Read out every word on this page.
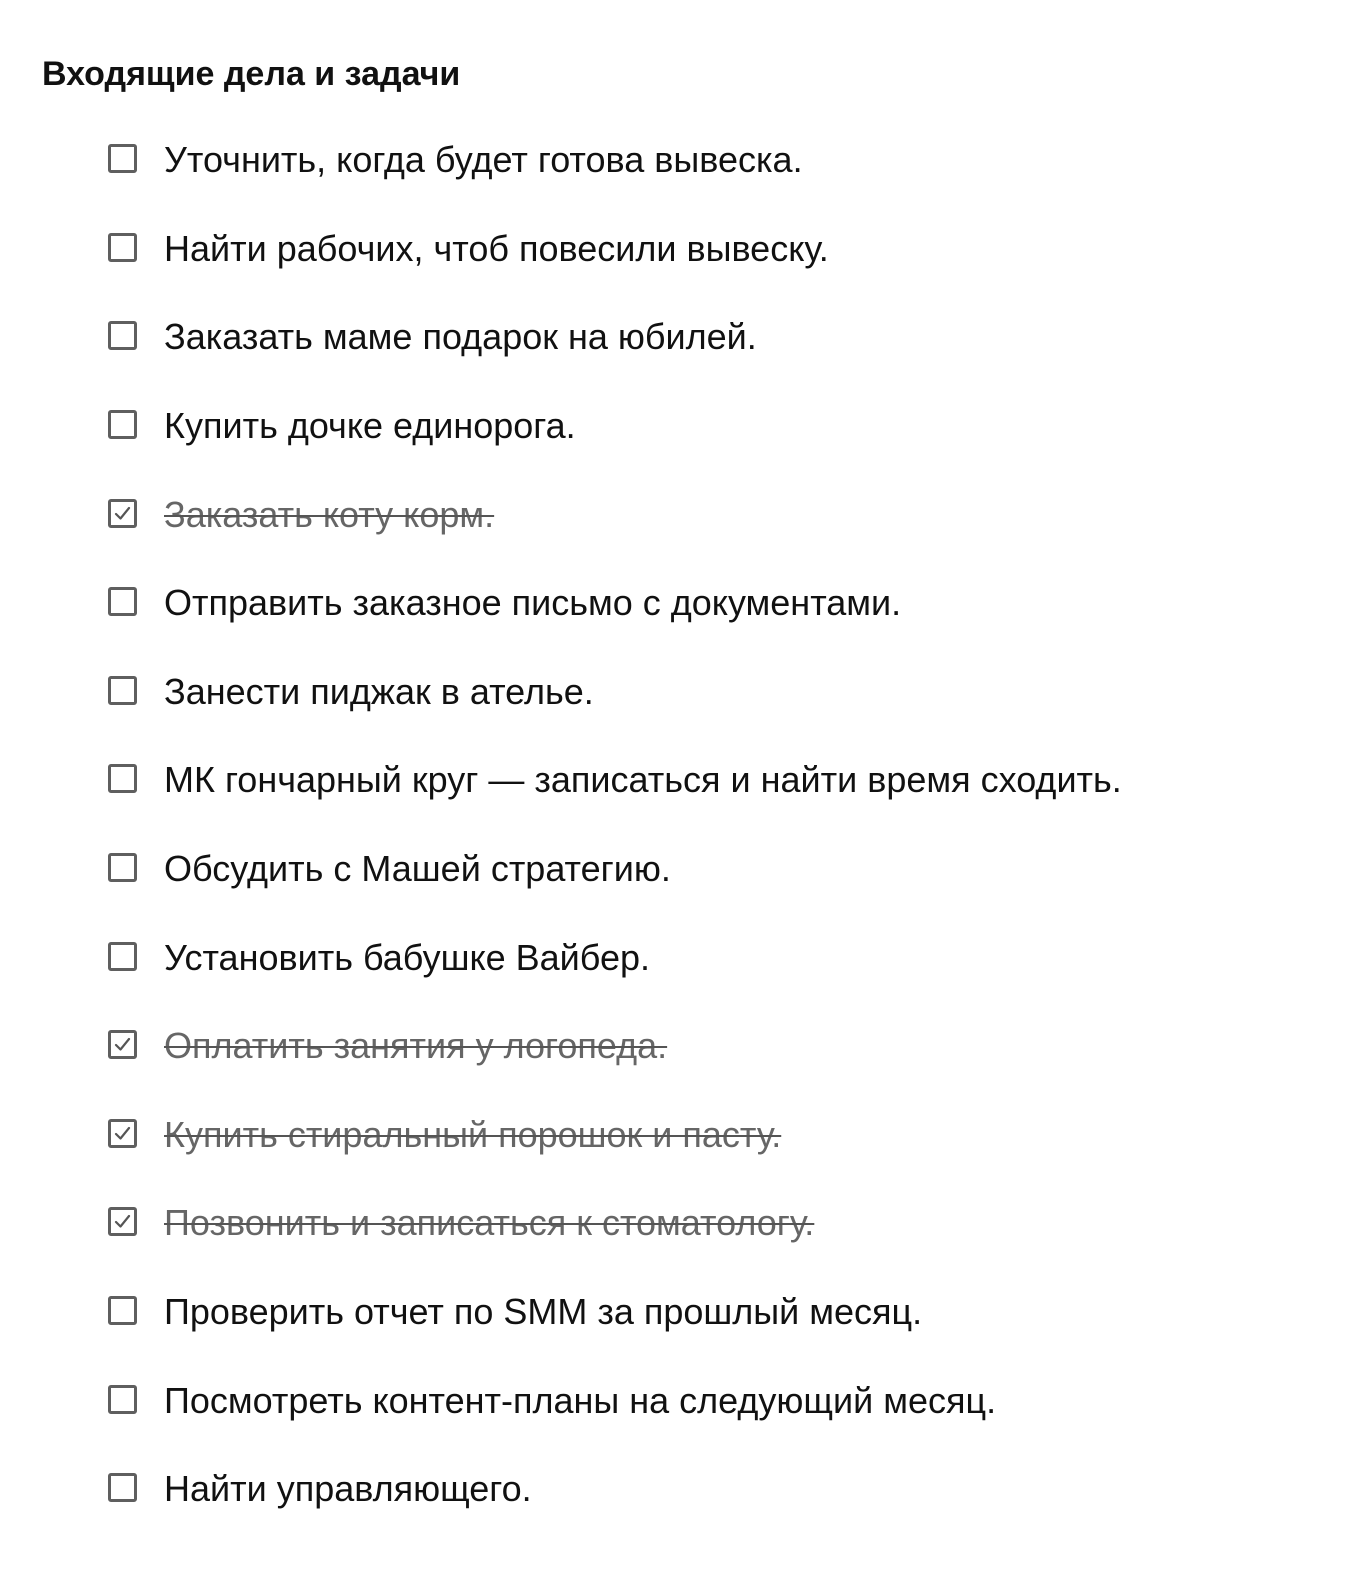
Входящие дела и задачи
Уточнить, когда будет готова вывеска.
Найти рабочих, чтоб повесили вывеску.
Заказать маме подарок на юбилей.
Купить дочке единорога.
Заказать коту корм.
Отправить заказное письмо с документами.
Занести пиджак в ателье.
МК гончарный круг — записаться и найти время сходить.
Обсудить с Машей стратегию.
Установить бабушке Вайбер.
Оплатить занятия у логопеда.
Купить стиральный порошок и пасту.
Позвонить и записаться к стоматологу.
Проверить отчет по SMM за прошлый месяц.
Посмотреть контент-планы на следующий месяц.
Найти управляющего.
